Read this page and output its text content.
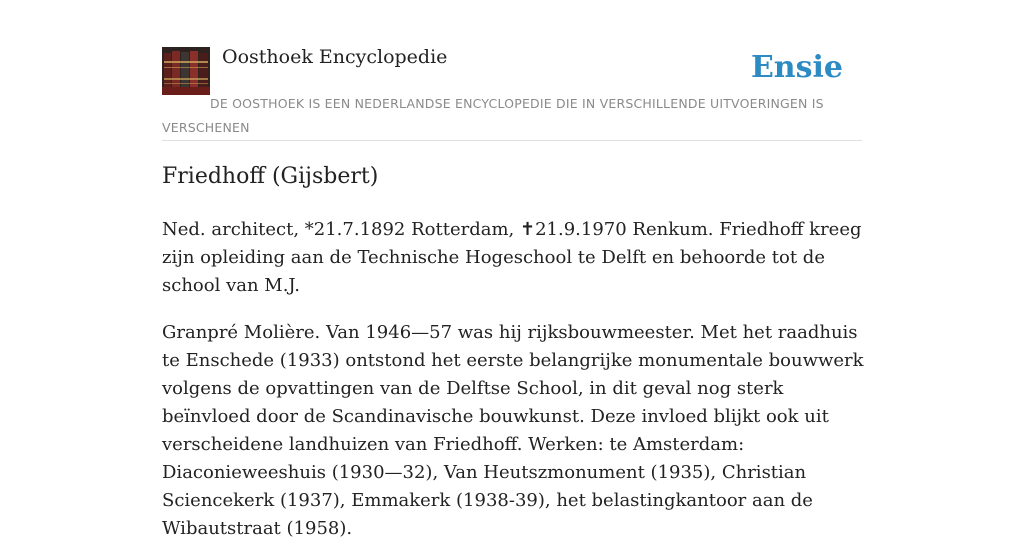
Oosthoek Encyclopedie	Ensie
DE OOSTHOEK IS EEN NEDERLANDSE ENCYCLOPEDIE DIE IN VERSCHILLENDE UITVOERINGEN IS VERSCHENEN
Friedhoff (Gijsbert)

Ned. architect, *21.7.1892 Rotterdam, ✝21.9.1970 Renkum. Friedhoff kreeg zijn opleiding aan de Technische Hogeschool te Delft en behoorde tot de school van M.J.

Granpré Molière. Van 1946—57 was hij rijksbouwmeester. Met het raadhuis te Enschede (1933) ontstond het eerste belangrijke monumentale bouwwerk volgens de opvattingen van de Delftse School, in dit geval nog sterk beïnvloed door de Scandinavische bouwkunst. Deze invloed blijkt ook uit verscheidene landhuizen van Friedhoff. Werken: te Amsterdam: Diaconieweeshuis (1930—32), Van Heutszmonument (1935), Christian Sciencekerk (1937), Emmakerk (1938-39), het belastingkantoor aan de Wibautstraat (1958).
